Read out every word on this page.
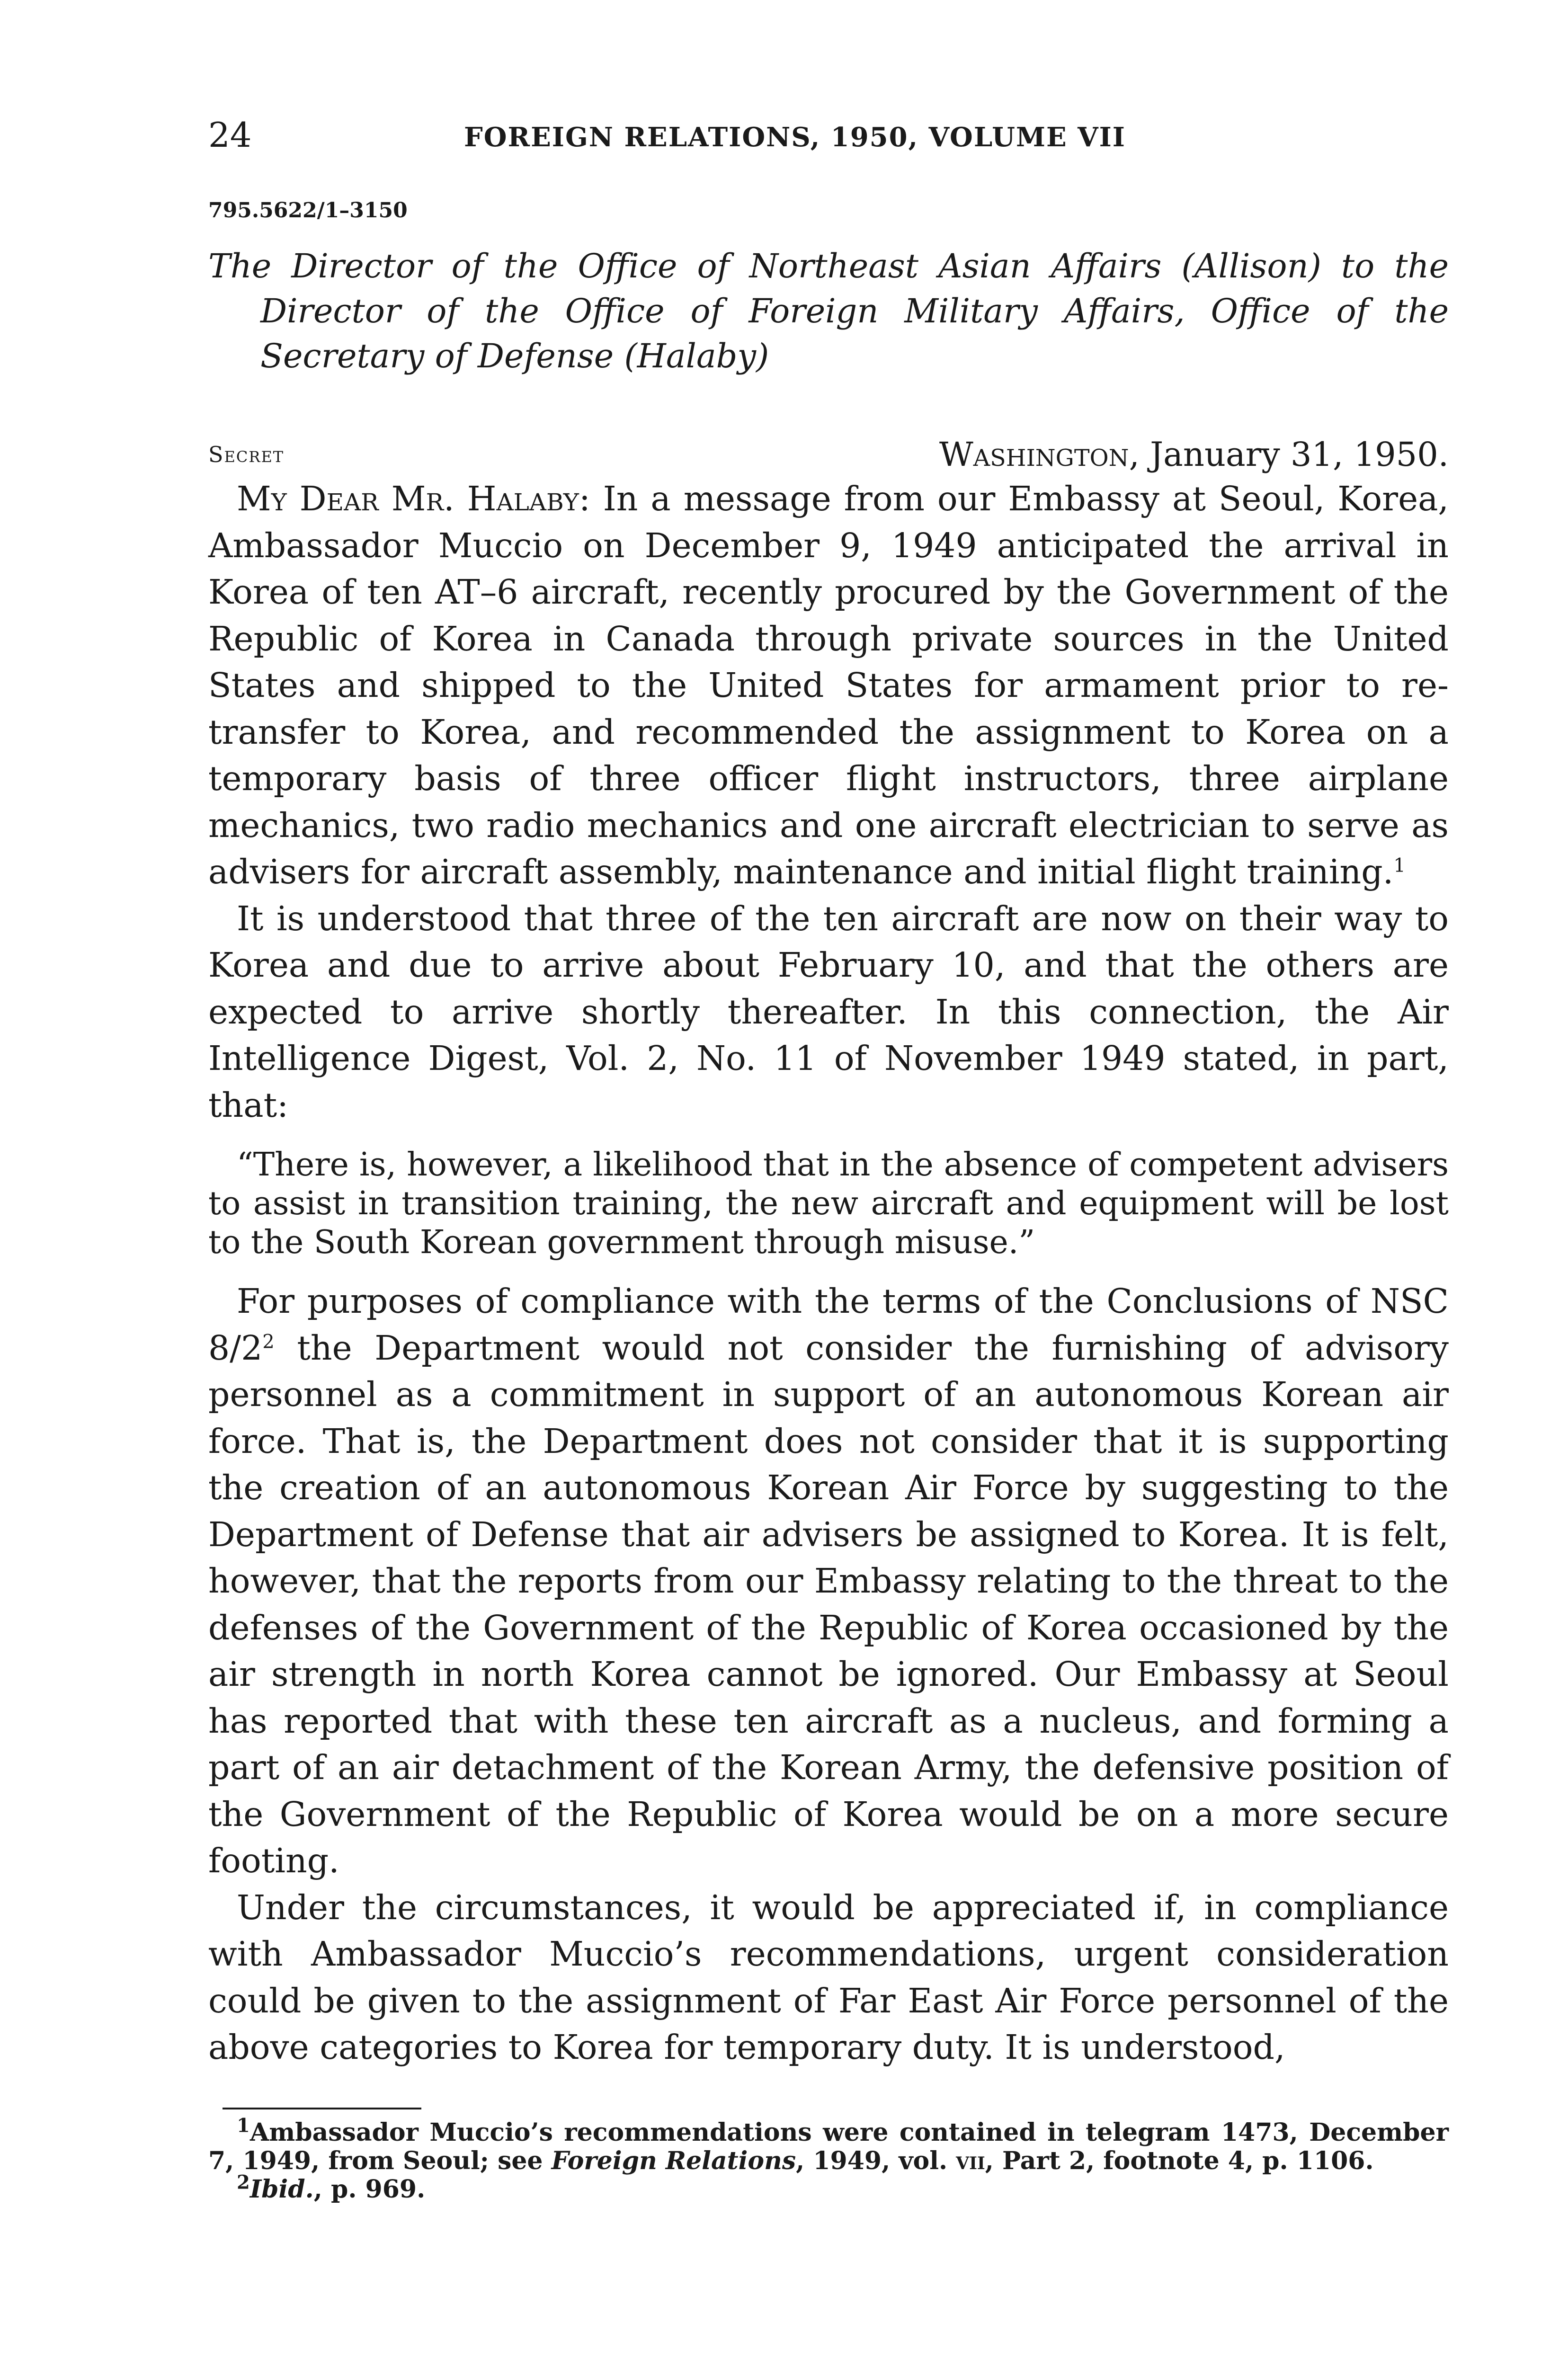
24	FOREIGN RELATIONS, 1950, VOLUME VII
795.5622/1–3150
The Director of the Office of Northeast Asian Affairs (Allison) to the Director of the Office of Foreign Military Affairs, Office of the Secretary of Defense (Halaby)
Secret	Washington, January 31, 1950.

My Dear Mr. Halaby: In a message from our Embassy at Seoul, Korea, Ambassador Muccio on December 9, 1949 anticipated the arrival in Korea of ten AT–6 aircraft, recently procured by the Government of the Republic of Korea in Canada through private sources in the United States and shipped to the United States for armament prior to re-transfer to Korea, and recommended the assignment to Korea on a temporary basis of three officer flight instructors, three airplane mechanics, two radio mechanics and one aircraft electrician to serve as advisers for aircraft assembly, maintenance and initial flight training.$^1$

It is understood that three of the ten aircraft are now on their way to Korea and due to arrive about February 10, and that the others are expected to arrive shortly thereafter. In this connection, the Air Intelligence Digest, Vol. 2, No. 11 of November 1949 stated, in part, that:

“There is, however, a likelihood that in the absence of competent advisers to assist in transition training, the new aircraft and equipment will be lost to the South Korean government through misuse.”

For purposes of compliance with the terms of the Conclusions of NSC $8/2^2$ the Department would not consider the furnishing of advisory personnel as a commitment in support of an autonomous Korean air force. That is, the Department does not consider that it is supporting the creation of an autonomous Korean Air Force by suggesting to the Department of Defense that air advisers be assigned to Korea. It is felt, however, that the reports from our Embassy relating to the threat to the defenses of the Government of the Republic of Korea occasioned by the air strength in north Korea cannot be ignored. Our Embassy at Seoul has reported that with these ten aircraft as a nucleus, and forming a part of an air detachment of the Korean Army, the defensive position of the Government of the Republic of Korea would be on a more secure footing.

Under the circumstances, it would be appreciated if, in compliance with Ambassador Muccio’s recommendations, urgent consideration could be given to the assignment of Far East Air Force personnel of the above categories to Korea for temporary duty. It is understood,

$^1$Ambassador Muccio’s recommendations were contained in telegram 1473, December 7, 1949, from Seoul; see Foreign Relations, 1949, vol. vii, Part 2, footnote 4, p. 1106.

$^2$Ibid., p. 969.
